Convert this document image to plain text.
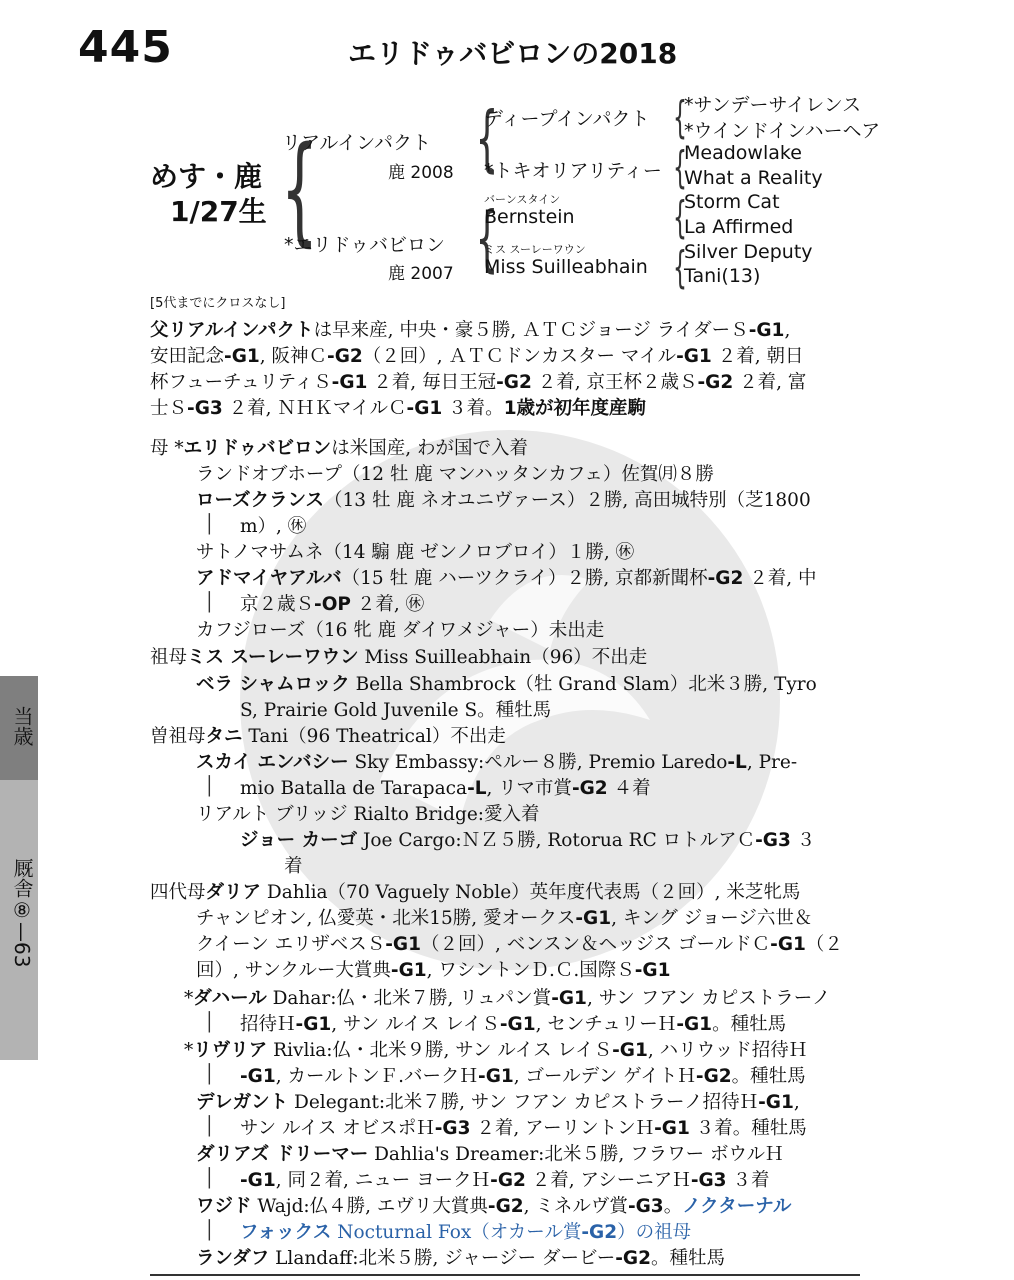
445	エリドゥバビロンの2018
めす・鹿
1/27生 {
リアルインパクト
鹿 2008
*エリドゥバビロン
鹿 2007
{
ディープインパクト
*トキオリアリティー
{
バーンスタイン
Bernstein
ミス スーレーワウン
Miss Suilleabhain
{
*サンデーサイレンス
*ウインドインハーヘア
{
Meadowlake
What a Reality
{
Storm Cat
La Affirmed
{
Silver Deputy
Tani(13)
[5代までにクロスなし]
父リアルインパクトは早来産, 中央・豪５勝, ＡＴＣジョージ ライダーＳ-G1,
安田記念-G1, 阪神Ｃ-G2（２回）, ＡＴＣドンカスター マイル-G1 ２着, 朝日
杯フューチュリティＳ-G1 ２着, 毎日王冠-G2 ２着, 京王杯２歳Ｓ-G2 ２着, 富
士Ｓ-G3 ２着, ＮＨＫマイルＣ-G1 ３着。1歳が初年度産駒
母 *エリドゥバビロンは米国産, わが国で入着
ランドオブホープ（12 牡 鹿 マンハッタンカフェ）佐賀㈪８勝
ローズクランス（13 牡 鹿 ネオユニヴァース）２勝, 高田城特別（芝1800
│ m）, ㊡
サトノマサムネ（14 騸 鹿 ゼンノロブロイ）１勝, ㊡
アドマイヤアルバ（15 牡 鹿 ハーツクライ）２勝, 京都新聞杯-G2 ２着, 中
│ 京２歳Ｓ-OP ２着, ㊡
カフジローズ（16 牝 鹿 ダイワメジャー）未出走
祖母ミス スーレーワウン Miss Suilleabhain（96）不出走
ベラ シャムロック Bella Shambrock（牡 Grand Slam）北米３勝, Tyro
S, Prairie Gold Juvenile S。種牡馬
曽祖母タニ Tani（96 Theatrical）不出走
スカイ エンバシー Sky Embassy:ペルー８勝, Premio Laredo-L, Pre-
│ mio Batalla de Tarapaca-L, リマ市賞-G2 ４着
リアルト ブリッジ Rialto Bridge:愛入着
ジョー カーゴ Joe Cargo:ＮＺ５勝, Rotorua RC ロトルアＣ-G3 ３
着
四代母ダリア Dahlia（70 Vaguely Noble）英年度代表馬（２回）, 米芝牝馬
チャンピオン, 仏愛英・北米15勝, 愛オークス-G1, キング ジョージ六世＆
クイーン エリザベスＳ-G1（２回）, ベンスン＆ヘッジス ゴールドＣ-G1（２
回）, サンクルー大賞典-G1, ワシントンＤ.Ｃ.国際Ｓ-G1
*ダハール Dahar:仏・北米７勝, リュパン賞-G1, サン フアン カピストラーノ
│ 招待Ｈ-G1, サン ルイス レイＳ-G1, センチュリーＨ-G1。種牡馬
*リヴリア Rivlia:仏・北米９勝, サン ルイス レイＳ-G1, ハリウッド招待Ｈ
│ -G1, カールトンＦ.バークＨ-G1, ゴールデン ゲイトＨ-G2。種牡馬
デレガント Delegant:北米７勝, サン フアン カピストラーノ招待Ｈ-G1,
│ サン ルイス オビスポＨ-G3 ２着, アーリントンＨ-G1 ３着。種牡馬
ダリアズ ドリーマー Dahlia's Dreamer:北米５勝, フラワー ボウルＨ
│ -G1, 同２着, ニュー ヨークＨ-G2 ２着, アシーニアＨ-G3 ３着
ワジド Wajd:仏４勝, エヴリ大賞典-G2, ミネルヴ賞-G3。ノクターナル
│ フォックス Nocturnal Fox（オカール賞-G2）の祖母
ランダフ Llandaff:北米５勝, ジャージー ダービー-G2。種牡馬
当歳
厩舎⑧—63
